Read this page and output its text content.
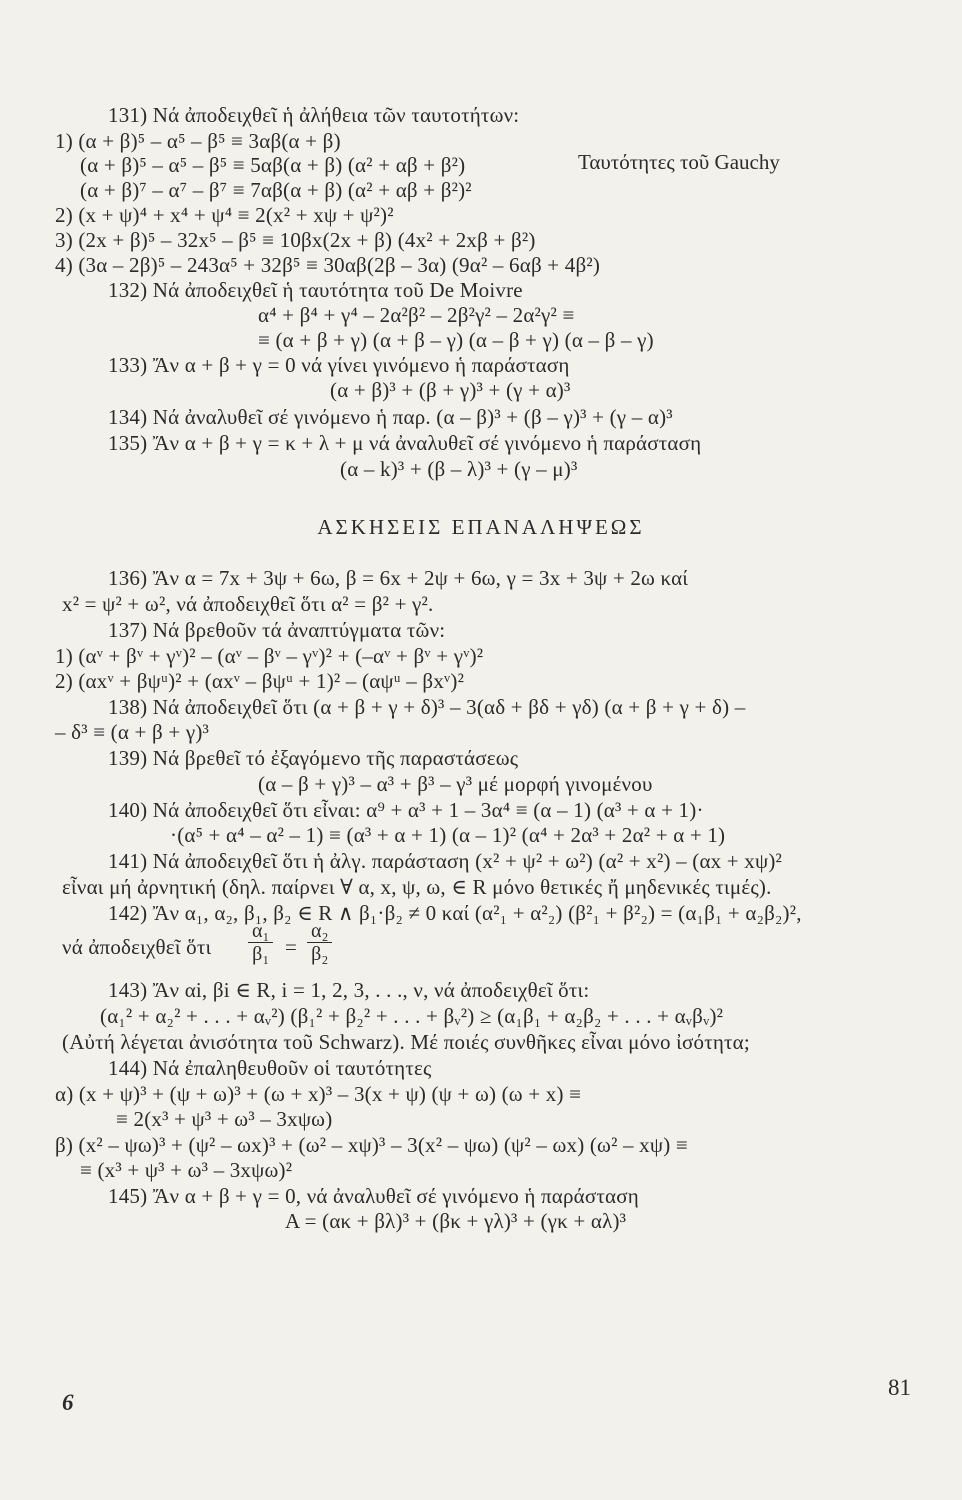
131) Νά ἀποδειχθεῖ ἡ ἀλήθεια τῶν ταυτοτήτων:
1) (α + β)⁵ – α⁵ – β⁵ ≡ 3αβ(α + β)
(α + β)⁵ – α⁵ – β⁵ ≡ 5αβ(α + β) (α² + αβ + β²)
(α + β)⁷ – α⁷ – β⁷ ≡ 7αβ(α + β) (α² + αβ + β²)²
2) (x + ψ)⁴ + x⁴ + ψ⁴ ≡ 2(x² + xψ + ψ²)²
3) (2x + β)⁵ – 32x⁵ – β⁵ ≡ 10βx(2x + β) (4x² + 2xβ + β²)
4) (3α – 2β)⁵ – 243α⁵ + 32β⁵ ≡ 30αβ(2β – 3α) (9α² – 6αβ + 4β²)
132) Νά ἀποδειχθεῖ ἡ ταυτότητα τοῦ De Moivre
α⁴ + β⁴ + γ⁴ – 2α²β² – 2β²γ² – 2α²γ² ≡
≡ (α + β + γ) (α + β – γ) (α – β + γ) (α – β – γ)
133) Ἄν α + β + γ = 0 νά γίνει γινόμενο ἡ παράσταση
(α + β)³ + (β + γ)³ + (γ + α)³
134) Νά ἀναλυθεῖ σέ γινόμενο ἡ παρ. (α – β)³ + (β – γ)³ + (γ – α)³
135) Ἄν α + β + γ = κ + λ + μ νά ἀναλυθεῖ σέ γινόμενο ἡ παράσταση
(α – k)³ + (β – λ)³ + (γ – μ)³
136) Ἄν α = 7x + 3ψ + 6ω, β = 6x + 2ψ + 6ω, γ = 3x + 3ψ + 2ω καί
x² = ψ² + ω², νά ἀποδειχθεῖ ὅτι α² = β² + γ².
137) Νά βρεθοῦν τά ἀναπτύγματα τῶν:
1) (αᵛ + βᵛ + γᵛ)² – (αᵛ – βᵛ – γᵛ)² + (–αᵛ + βᵛ + γᵛ)²
2) (αxᵛ + βψᵘ)² + (αxᵛ – βψᵘ + 1)² – (αψᵘ – βxᵛ)²
138) Νά ἀποδειχθεῖ ὅτι (α + β + γ + δ)³ – 3(αδ + βδ + γδ) (α + β + γ + δ) –
– δ³ ≡ (α + β + γ)³
139) Νά βρεθεῖ τό ἐξαγόμενο τῆς παραστάσεως
(α – β + γ)³ – α³ + β³ – γ³ μέ μορφή γινομένου
140) Νά ἀποδειχθεῖ ὅτι εἶναι: α⁹ + α³ + 1 – 3α⁴ ≡ (α – 1) (α³ + α + 1)·
·(α⁵ + α⁴ – α² – 1) ≡ (α³ + α + 1) (α – 1)² (α⁴ + 2α³ + 2α² + α + 1)
141) Νά ἀποδειχθεῖ ὅτι ἡ ἀλγ. παράσταση (x² + ψ² + ω²) (α² + x²) – (αx + xψ)²
εἶναι μή ἀρνητική (δηλ. παίρνει ∀ α, x, ψ, ω, ∈ R μόνο θετικές ἤ μηδενικές τιμές).
142) Ἄν α₁, α₂, β₁, β₂ ∈ R ∧ β₁·β₂ ≠ 0 καί (α²₁ + α²₂) (β²₁ + β²₂) = (α₁β₁ + α₂β₂)²,
νά ἀποδειχθεῖ ὅτι	=
143) Ἄν αi, βi ∈ R, i = 1, 2, 3, . . ., ν, νά ἀποδειχθεῖ ὅτι:
(α₁² + α₂² + . . . + αᵥ²) (β₁² + β₂² + . . . + βᵥ²) ≥ (α₁β₁ + α₂β₂ + . . . + αᵥβᵥ)²
(Αὐτή λέγεται ἀνισότητα τοῦ Schwarz). Μέ ποιές συνθῆκες εἶναι μόνο ἰσότητα;
144) Νά ἐπαληθευθοῦν οἱ ταυτότητες
α) (x + ψ)³ + (ψ + ω)³ + (ω + x)³ – 3(x + ψ) (ψ + ω) (ω + x) ≡
≡ 2(x³ + ψ³ + ω³ – 3xψω)
β) (x² – ψω)³ + (ψ² – ωx)³ + (ω² – xψ)³ – 3(x² – ψω) (ψ² – ωx) (ω² – xψ) ≡
≡ (x³ + ψ³ + ω³ – 3xψω)²
145) Ἄν α + β + γ = 0, νά ἀναλυθεῖ σέ γινόμενο ἡ παράσταση
A = (ακ + βλ)³ + (βκ + γλ)³ + (γκ + αλ)³
Ταυτότητες τοῦ Gauchy
ΑΣΚΗΣΕΙΣ ΕΠΑΝΑΛΗΨΕΩΣ
$\frac{\text{α₁}}{\text{β₁}} \frac{\text{α₂}}{\text{β₂}}$
6
81
